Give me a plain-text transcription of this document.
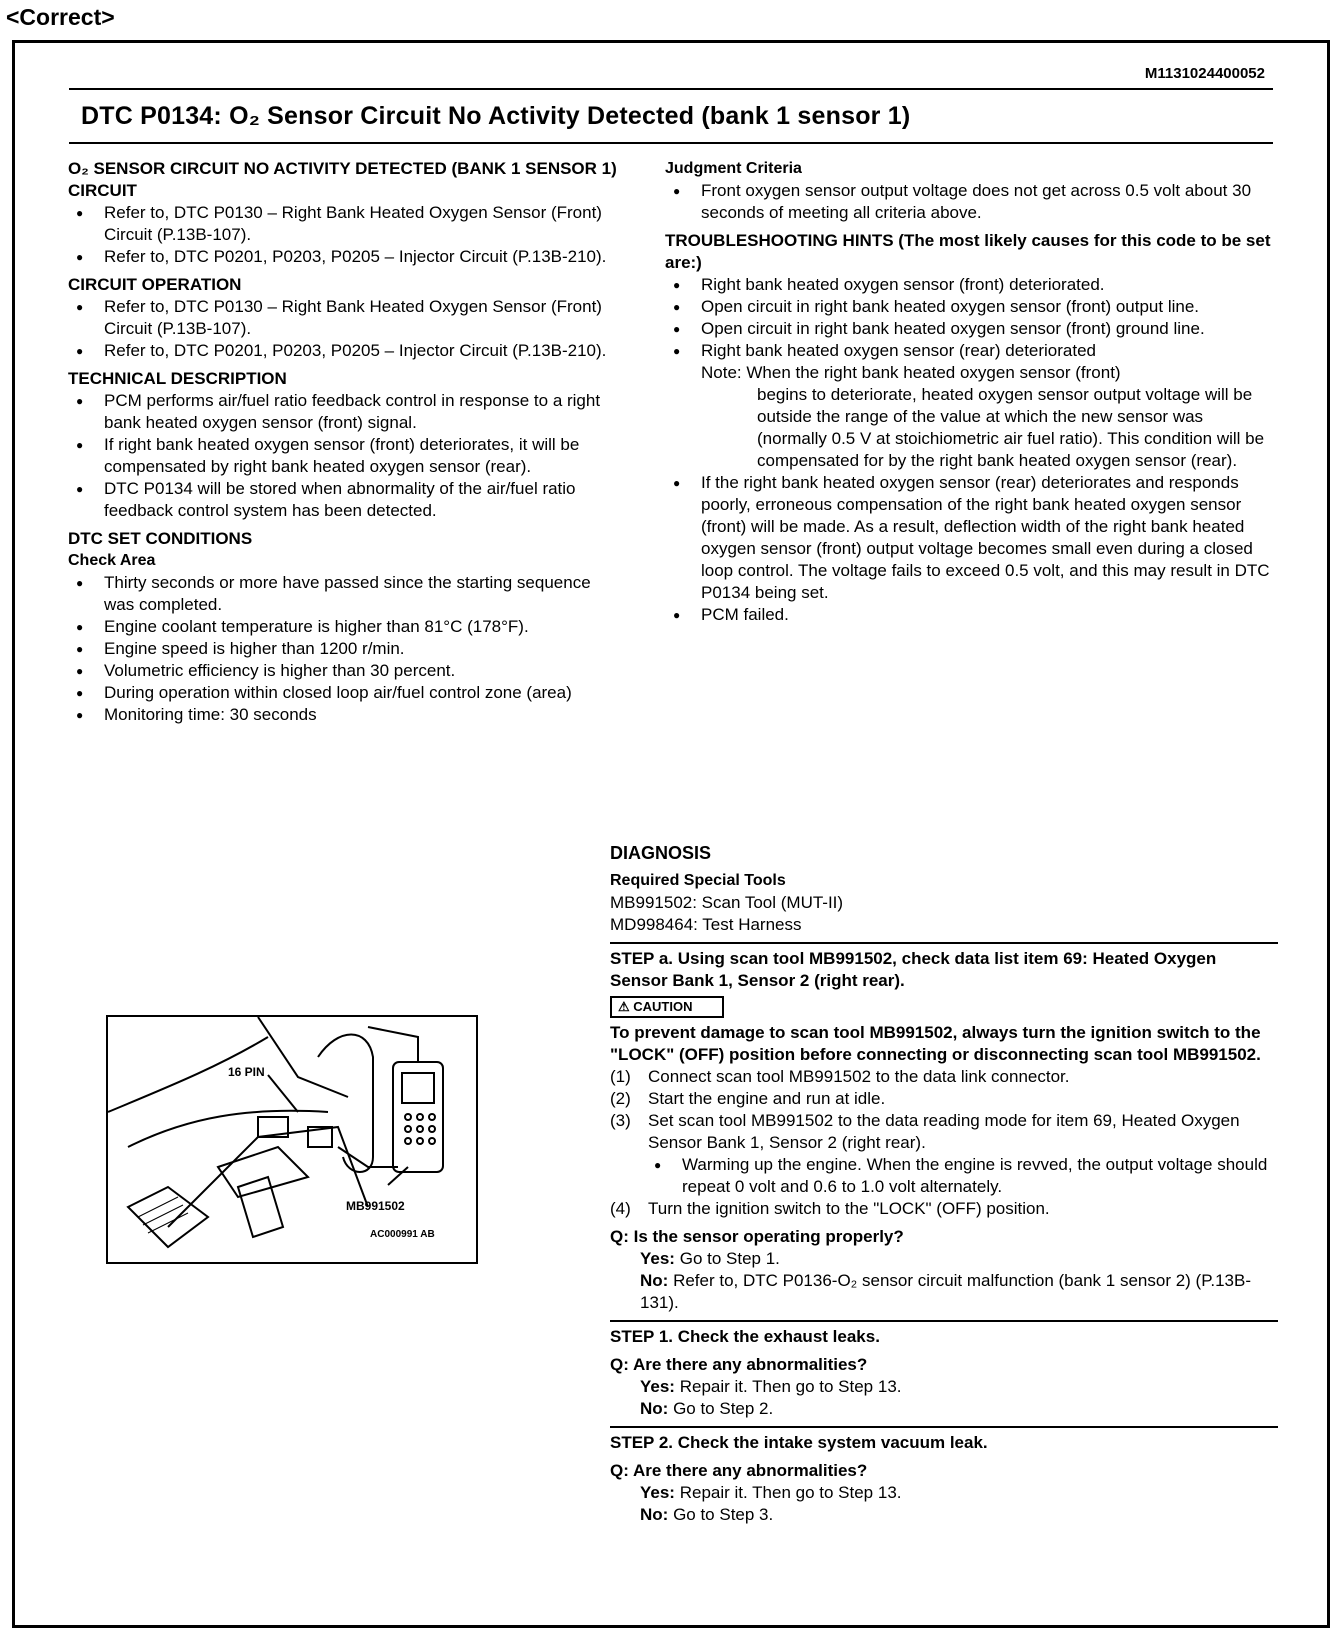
<Correct>
M1131024400052
DTC P0134: O₂ Sensor Circuit No Activity Detected (bank 1 sensor 1)
O₂ SENSOR CIRCUIT NO ACTIVITY DETECTED (BANK 1 SENSOR 1) CIRCUIT
● Refer to, DTC P0130 – Right Bank Heated Oxygen Sensor (Front) Circuit (P.13B-107).
● Refer to, DTC P0201, P0203, P0205 – Injector Circuit (P.13B-210).
CIRCUIT OPERATION
● Refer to, DTC P0130 – Right Bank Heated Oxygen Sensor (Front) Circuit (P.13B-107).
● Refer to, DTC P0201, P0203, P0205 – Injector Circuit (P.13B-210).
TECHNICAL DESCRIPTION
● PCM performs air/fuel ratio feedback control in response to a right bank heated oxygen sensor (front) signal.
● If right bank heated oxygen sensor (front) deteriorates, it will be compensated by right bank heated oxygen sensor (rear).
● DTC P0134 will be stored when abnormality of the air/fuel ratio feedback control system has been detected.
DTC SET CONDITIONS
Check Area
● Thirty seconds or more have passed since the starting sequence was completed.
● Engine coolant temperature is higher than 81°C (178°F).
● Engine speed is higher than 1200 r/min.
● Volumetric efficiency is higher than 30 percent.
● During operation within closed loop air/fuel control zone (area)
● Monitoring time: 30 seconds
Judgment Criteria
● Front oxygen sensor output voltage does not get across 0.5 volt about 30 seconds of meeting all criteria above.
TROUBLESHOOTING HINTS (The most likely causes for this code to be set are:)
● Right bank heated oxygen sensor (front) deteriorated.
● Open circuit in right bank heated oxygen sensor (front) output line.
● Open circuit in right bank heated oxygen sensor (front) ground line.
● Right bank heated oxygen sensor (rear) deteriorated
Note: When the right bank heated oxygen sensor (front)
begins to deteriorate, heated oxygen sensor output voltage will be outside the range of the value at which the new sensor was (normally 0.5 V at stoichiometric air fuel ratio). This condition will be compensated for by the right bank heated oxygen sensor (rear).
● If the right bank heated oxygen sensor (rear) deteriorates and responds poorly, erroneous compensation of the right bank heated oxygen sensor (front) will be made. As a result, deflection width of the right bank heated oxygen sensor (front) output voltage becomes small even during a closed loop control. The voltage fails to exceed 0.5 volt, and this may result in DTC P0134 being set.
● PCM failed.
DIAGNOSIS
Required Special Tools

MB991502: Scan Tool (MUT-II)

MD998464: Test Harness

STEP a. Using scan tool MB991502, check data list item 69: Heated Oxygen Sensor Bank 1, Sensor 2 (right rear).

⚠ CAUTION

To prevent damage to scan tool MB991502, always turn the ignition switch to the "LOCK" (OFF) position before connecting or disconnecting scan tool MB991502.

(1) Connect scan tool MB991502 to the data link connector.
(2) Start the engine and run at idle.
(3) Set scan tool MB991502 to the data reading mode for item 69, Heated Oxygen Sensor Bank 1, Sensor 2 (right rear).
● Warming up the engine. When the engine is revved, the output voltage should repeat 0 volt and 0.6 to 1.0 volt alternately.
(4) Turn the ignition switch to the "LOCK" (OFF) position.

Q: Is the sensor operating properly?

Yes: Go to Step 1.
No: Refer to, DTC P0136-O₂ sensor circuit malfunction (bank 1 sensor 2) (P.13B-131).

STEP 1. Check the exhaust leaks.

Q: Are there any abnormalities?

Yes: Repair it. Then go to Step 13.
No: Go to Step 2.

STEP 2. Check the intake system vacuum leak.

Q: Are there any abnormalities?

Yes: Repair it. Then go to Step 13.
No: Go to Step 3.
16 PIN
MB991502
AC000991 AB
